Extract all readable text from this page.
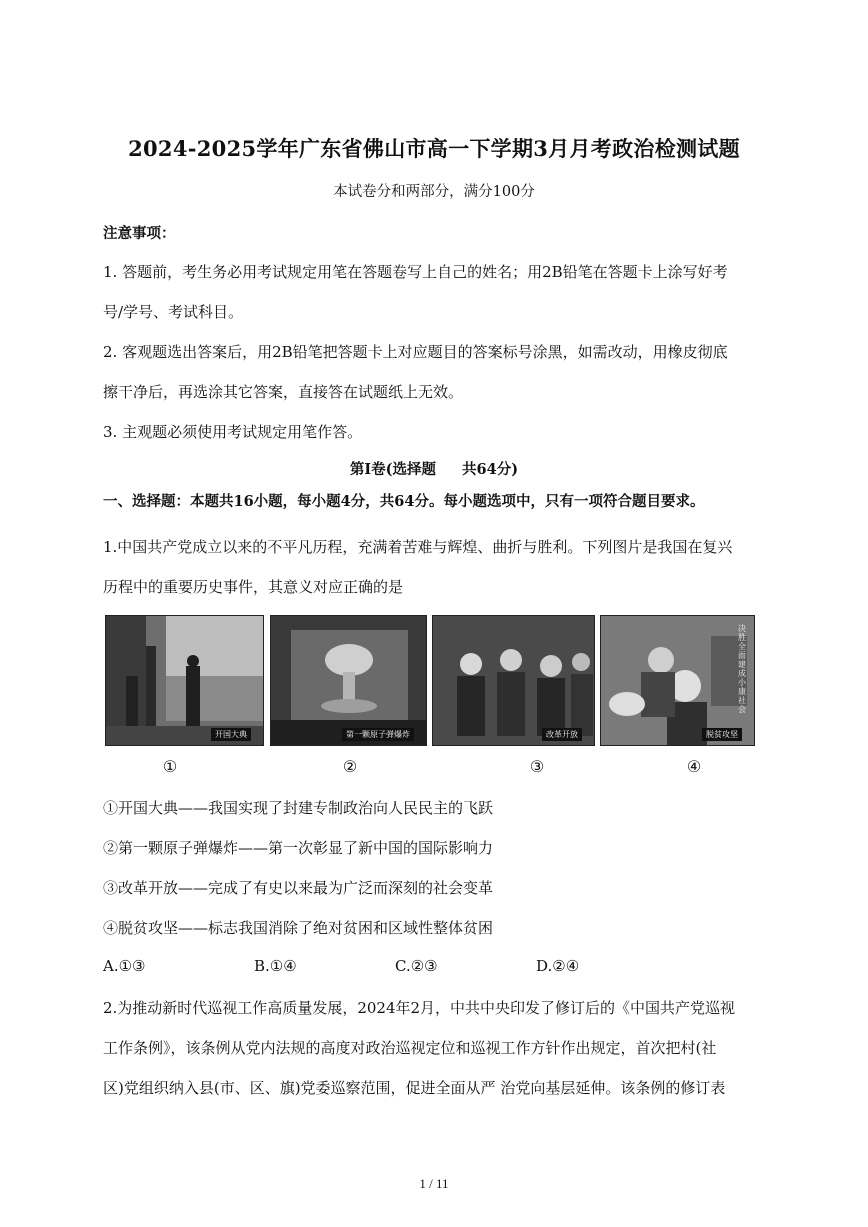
2024-2025学年广东省佛山市高一下学期3月月考政治检测试题
本试卷分和两部分，满分100分
注意事项：
1. 答题前，考生务必用考试规定用笔在答题卷写上自己的姓名；用2B铅笔在答题卡上涂写好考
号/学号、考试科目。
2. 客观题选出答案后，用2B铅笔把答题卡上对应题目的答案标号涂黑，如需改动，用橡皮彻底
擦干净后，再选涂其它答案，直接答在试题纸上无效。
3. 主观题必须使用考试规定用笔作答。
第Ⅰ卷(选择题 共64分)
一、选择题：本题共16小题，每小题4分，共64分。每小题选项中，只有一项符合题目要求。
1.中国共产党成立以来的不平凡历程，充满着苦难与辉煌、曲折与胜利。下列图片是我国在复兴
历程中的重要历史事件，其意义对应正确的是
开国大典	第一颗原子弹爆炸	改革开放
决胜全面建成小康社会
脱贫攻坚
①	②	③	④
①开国大典——我国实现了封建专制政治向人民民主的飞跃
②第一颗原子弹爆炸——第一次彰显了新中国的国际影响力
③改革开放——完成了有史以来最为广泛而深刻的社会变革
④脱贫攻坚——标志我国消除了绝对贫困和区域性整体贫困
A.①③	B.①④	C.②③	D.②④
2.为推动新时代巡视工作高质量发展，2024年2月，中共中央印发了修订后的《中国共产党巡视
工作条例》，该条例从党内法规的高度对政治巡视定位和巡视工作方针作出规定，首次把村(社
区)党组织纳入县(市、区、旗)党委巡察范围，促进全面从严 治党向基层延伸。该条例的修订表
1 / 11
